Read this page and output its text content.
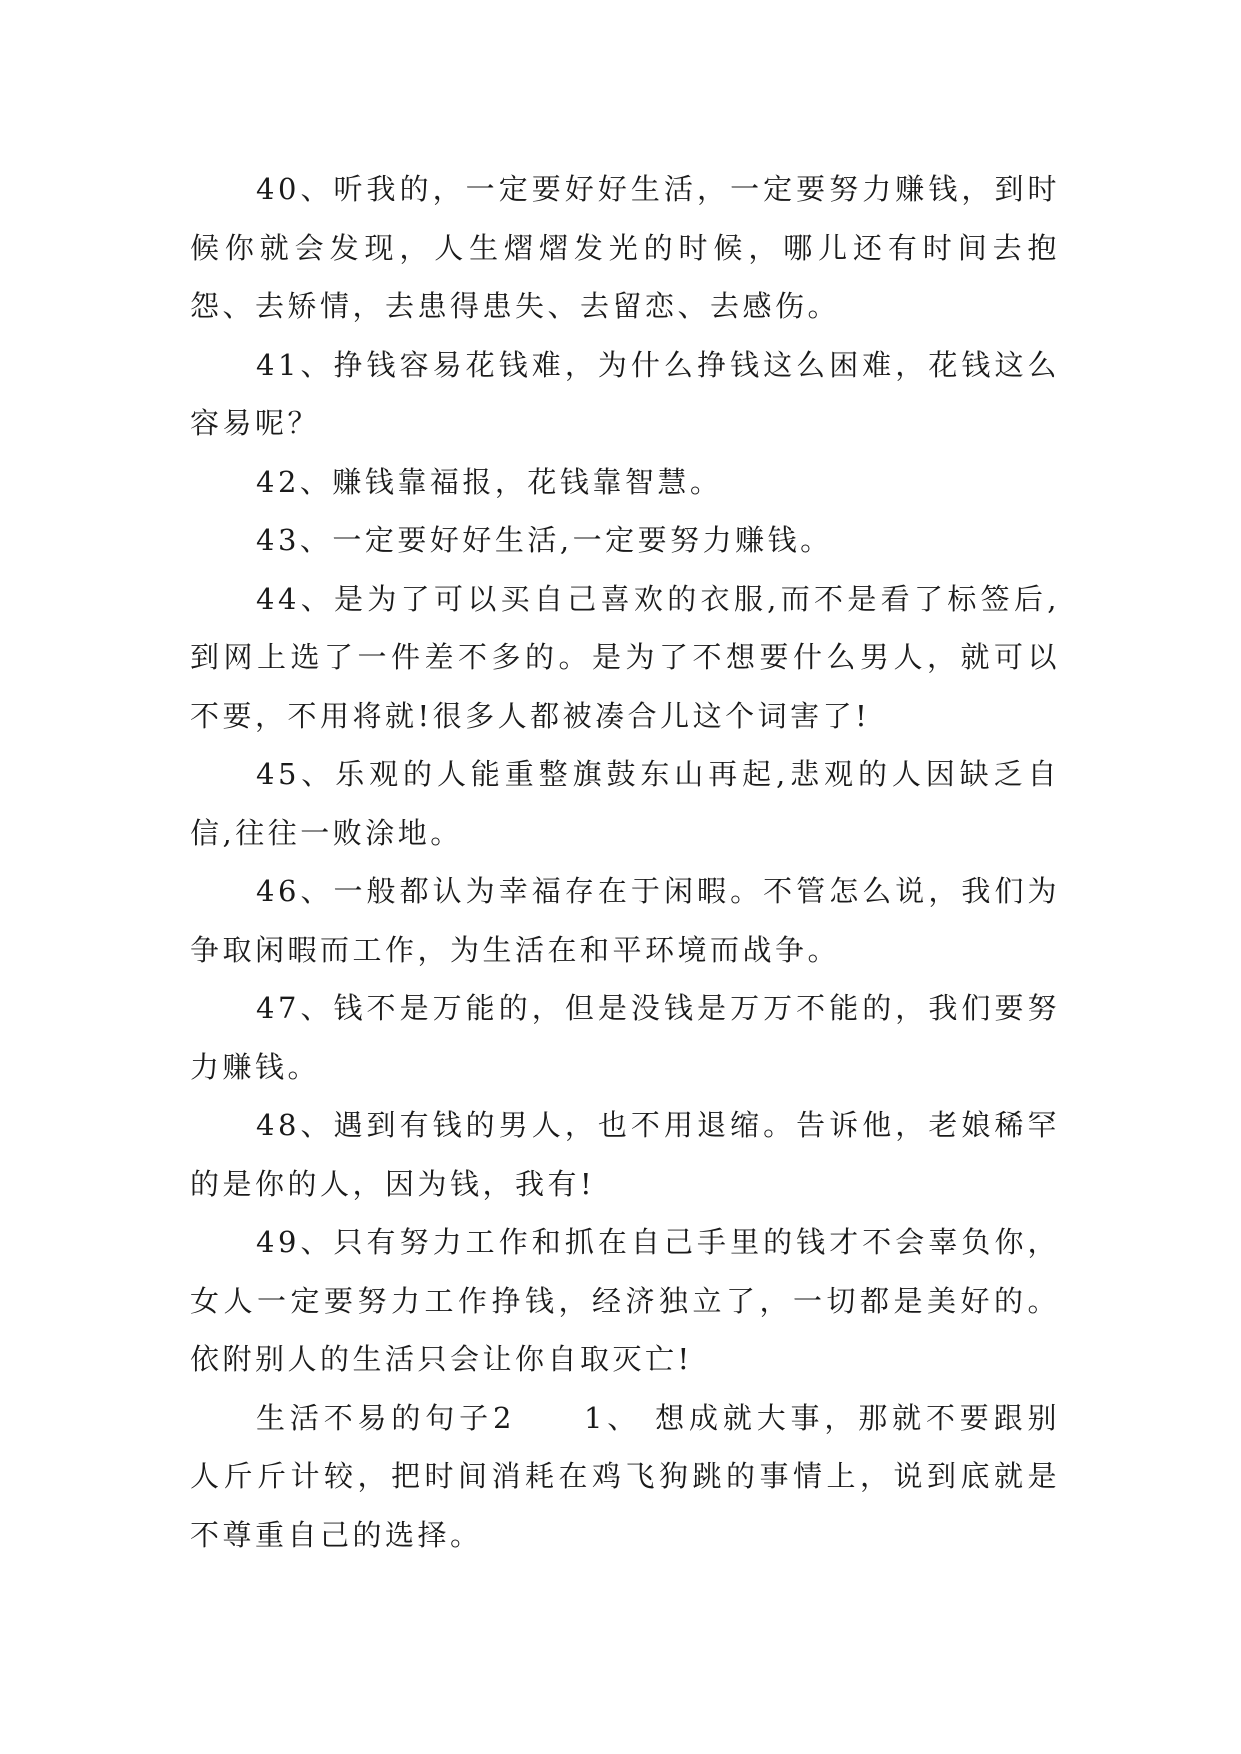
40、听我的，一定要好好生活，一定要努力赚钱，到时候你就会发现，人生熠熠发光的时候，哪儿还有时间去抱怨、去矫情，去患得患失、去留恋、去感伤。

41、挣钱容易花钱难，为什么挣钱这么困难，花钱这么容易呢？

42、赚钱靠福报，花钱靠智慧。

43、一定要好好生活,一定要努力赚钱。

44、是为了可以买自己喜欢的衣服,而不是看了标签后,到网上选了一件差不多的。是为了不想要什么男人，就可以不要，不用将就!很多人都被凑合儿这个词害了!

45、乐观的人能重整旗鼓东山再起,悲观的人因缺乏自信,往往一败涂地。

46、一般都认为幸福存在于闲暇。不管怎么说，我们为争取闲暇而工作，为生活在和平环境而战争。

47、钱不是万能的，但是没钱是万万不能的，我们要努力赚钱。

48、遇到有钱的男人，也不用退缩。告诉他，老娘稀罕的是你的人，因为钱，我有!

49、只有努力工作和抓在自己手里的钱才不会辜负你，女人一定要努力工作挣钱，经济独立了，一切都是美好的。依附别人的生活只会让你自取灭亡!

生活不易的句子2　　1、 想成就大事，那就不要跟别人斤斤计较，把时间消耗在鸡飞狗跳的事情上，说到底就是不尊重自己的选择。
